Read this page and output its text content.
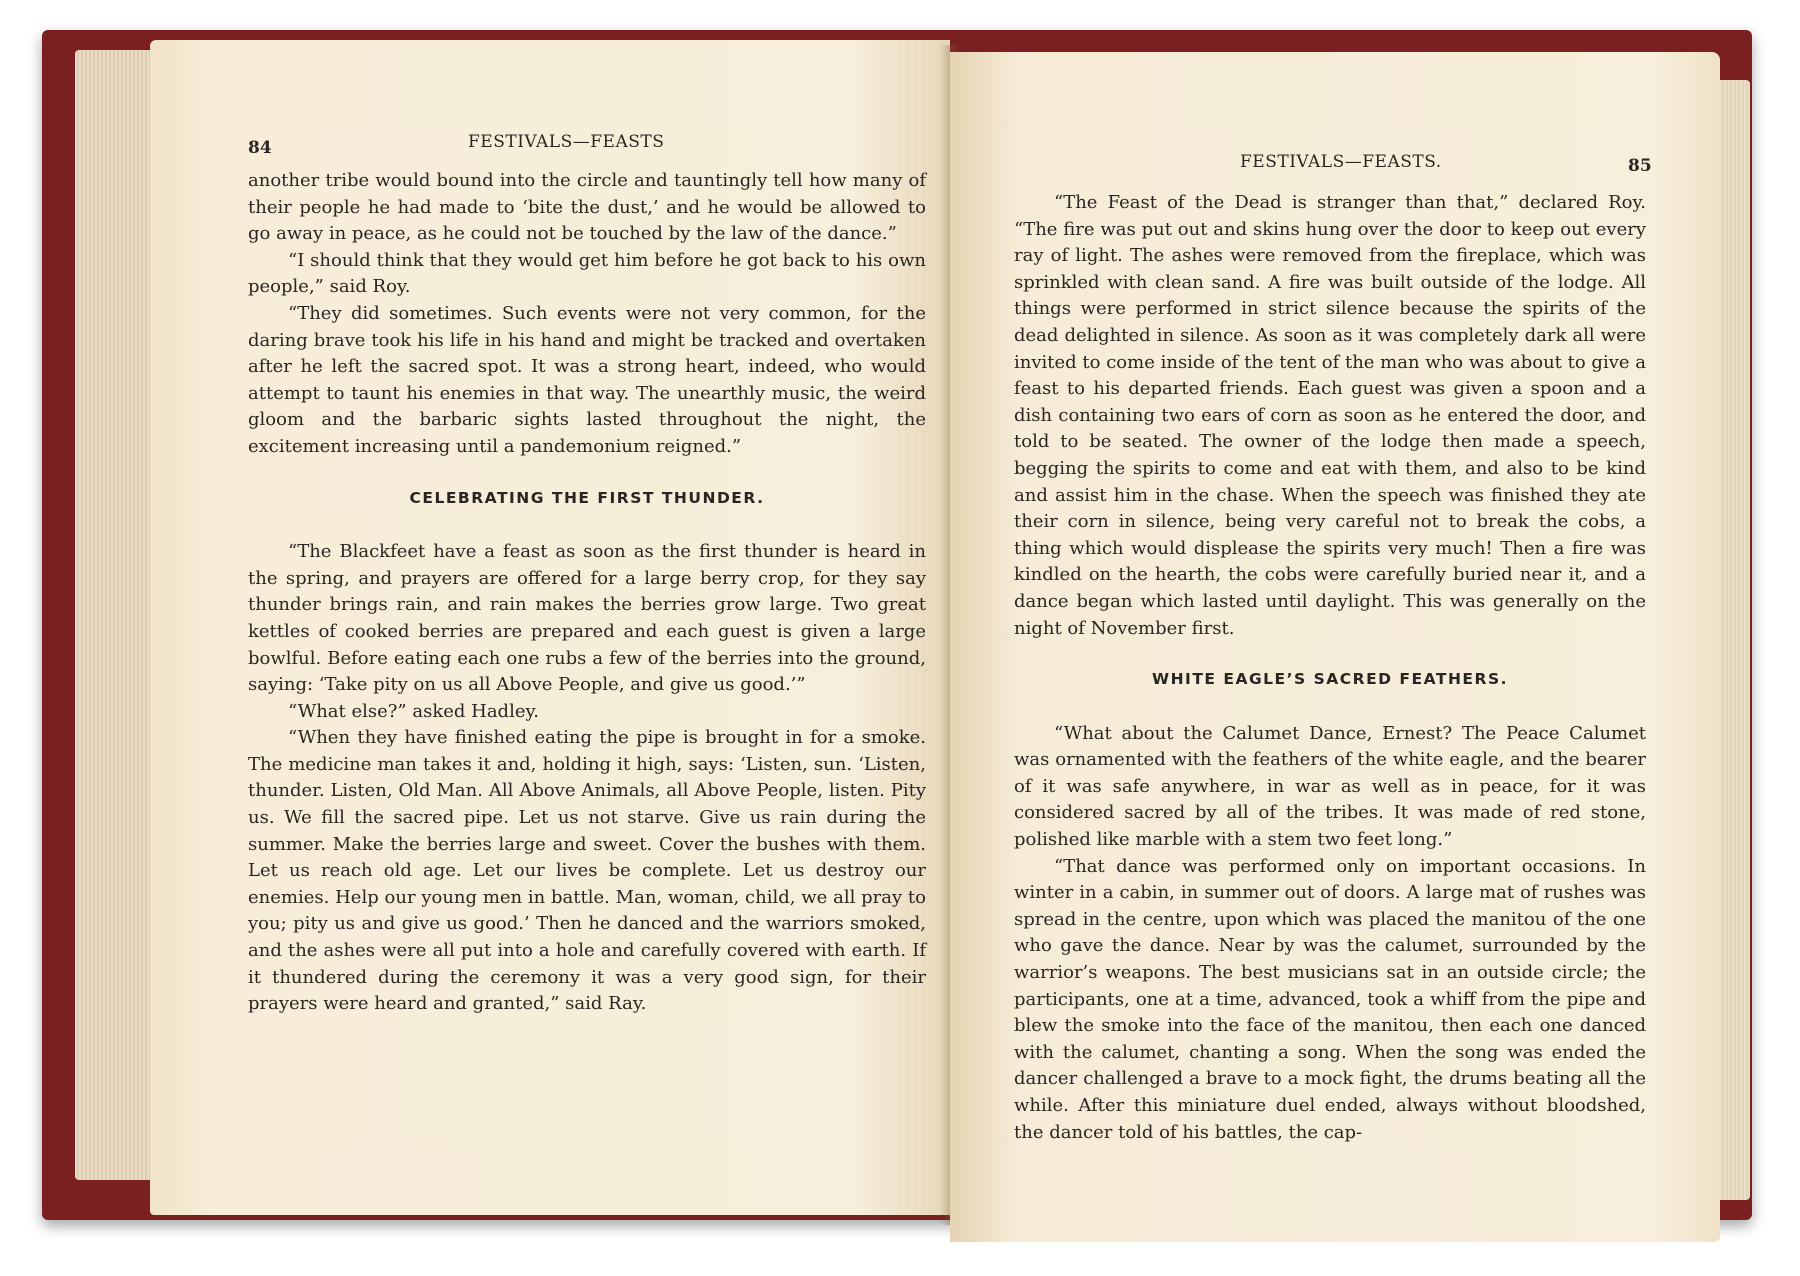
84	FESTIVALS—FEASTS

another tribe would bound into the circle and tauntingly tell how many of their people he had made to ‘bite the dust,’ and he would be allowed to go away in peace, as he could not be touched by the law of the dance.”

“I should think that they would get him before he got back to his own people,” said Roy.

“They did sometimes. Such events were not very common, for the daring brave took his life in his hand and might be tracked and overtaken after he left the sacred spot. It was a strong heart, indeed, who would attempt to taunt his enemies in that way. The unearthly music, the weird gloom and the barbaric sights lasted throughout the night, the excitement increasing until a pandemonium reigned.”

CELEBRATING THE FIRST THUNDER.

“The Blackfeet have a feast as soon as the first thunder is heard in the spring, and prayers are offered for a large berry crop, for they say thunder brings rain, and rain makes the berries grow large. Two great kettles of cooked berries are prepared and each guest is given a large bowlful. Before eating each one rubs a few of the berries into the ground, saying: ‘Take pity on us all Above People, and give us good.’”

“What else?” asked Hadley.

“When they have finished eating the pipe is brought in for a smoke. The medicine man takes it and, holding it high, says: ‘Listen, sun. ‘Listen, thunder. Listen, Old Man. All Above Animals, all Above People, listen. Pity us. We fill the sacred pipe. Let us not starve. Give us rain during the summer. Make the berries large and sweet. Cover the bushes with them. Let us reach old age. Let our lives be complete. Let us destroy our enemies. Help our young men in battle. Man, woman, child, we all pray to you; pity us and give us good.’ Then he danced and the warriors smoked, and the ashes were all put into a hole and carefully covered with earth. If it thundered during the ceremony it was a very good sign, for their prayers were heard and granted,” said Ray.

FESTIVALS—FEASTS.	85

“The Feast of the Dead is stranger than that,” declared Roy. “The fire was put out and skins hung over the door to keep out every ray of light. The ashes were removed from the fireplace, which was sprinkled with clean sand. A fire was built outside of the lodge. All things were performed in strict silence because the spirits of the dead delighted in silence. As soon as it was completely dark all were invited to come inside of the tent of the man who was about to give a feast to his departed friends. Each guest was given a spoon and a dish containing two ears of corn as soon as he entered the door, and told to be seated. The owner of the lodge then made a speech, begging the spirits to come and eat with them, and also to be kind and assist him in the chase. When the speech was finished they ate their corn in silence, being very careful not to break the cobs, a thing which would displease the spirits very much! Then a fire was kindled on the hearth, the cobs were carefully buried near it, and a dance began which lasted until daylight. This was generally on the night of November first.

WHITE EAGLE’S SACRED FEATHERS.

“What about the Calumet Dance, Ernest? The Peace Calumet was ornamented with the feathers of the white eagle, and the bearer of it was safe anywhere, in war as well as in peace, for it was considered sacred by all of the tribes. It was made of red stone, polished like marble with a stem two feet long.”

“That dance was performed only on important occasions. In winter in a cabin, in summer out of doors. A large mat of rushes was spread in the centre, upon which was placed the manitou of the one who gave the dance. Near by was the calumet, surrounded by the warrior’s weapons. The best musicians sat in an outside circle; the participants, one at a time, advanced, took a whiff from the pipe and blew the smoke into the face of the manitou, then each one danced with the calumet, chanting a song. When the song was ended the dancer challenged a brave to a mock fight, the drums beating all the while. After this miniature duel ended, always without bloodshed, the dancer told of his battles, the cap-
